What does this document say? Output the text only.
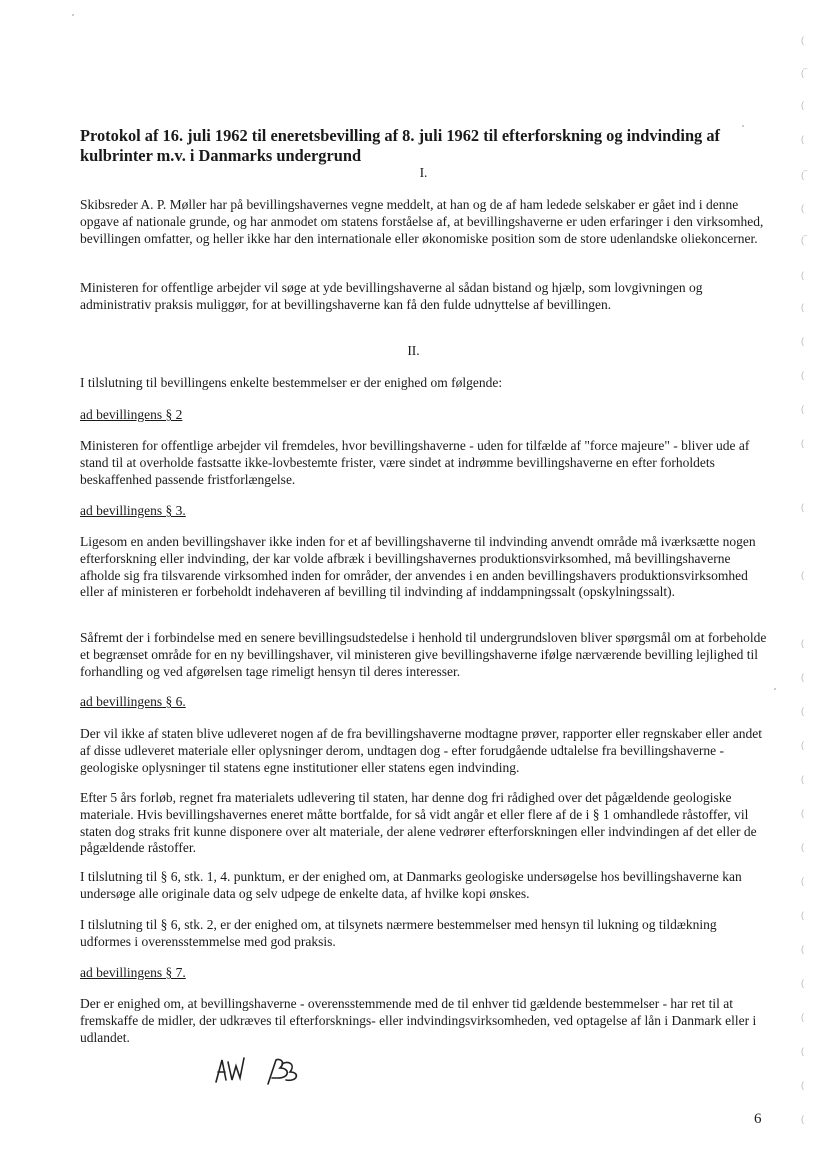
Protokol af 16. juli 1962 til eneretsbevilling af 8. juli 1962 til efterforskning og indvinding af kulbrinter m.v. i Danmarks undergrund
I.

Skibsreder A. P. Møller har på bevillingshavernes vegne meddelt, at han og de af ham ledede selskaber er gået ind i denne opgave af nationale grunde, og har anmodet om statens forståelse af, at bevillingshaverne er uden erfaringer i den virksomhed, bevillingen omfatter, og heller ikke har den internationale eller økonomiske position som de store udenlandske oliekoncerner.

Ministeren for offentlige arbejder vil søge at yde bevillingshaverne al sådan bistand og hjælp, som lovgivningen og administrativ praksis muliggør, for at bevillingshaverne kan få den fulde udnyttelse af bevillingen.

II.

I tilslutning til bevillingens enkelte bestemmelser er der enighed om følgende:

ad bevillingens § 2

Ministeren for offentlige arbejder vil fremdeles, hvor bevillingshaverne - uden for tilfælde af "force majeure" - bliver ude af stand til at overholde fastsatte ikke-lovbestemte frister, være sindet at indrømme bevillingshaverne en efter forholdets beskaffenhed passende fristforlængelse.

ad bevillingens § 3.

Ligesom en anden bevillingshaver ikke inden for et af bevillingshaverne til indvinding anvendt område må iværksætte nogen efterforskning eller indvinding, der kar volde afbræk i bevillingshavernes produktionsvirksomhed, må bevillingshaverne afholde sig fra tilsvarende virksomhed inden for områder, der anvendes i en anden bevillingshavers produktionsvirksomhed eller af ministeren er forbeholdt indehaveren af bevilling til indvinding af inddampningssalt (opskylningssalt).

Såfremt der i forbindelse med en senere bevillingsudstedelse i henhold til undergrundsloven bliver spørgsmål om at forbeholde et begrænset område for en ny bevillingshaver, vil ministeren give bevillingshaverne ifølge nærværende bevilling lejlighed til forhandling og ved afgørelsen tage rimeligt hensyn til deres interesser.

ad bevillingens § 6.

Der vil ikke af staten blive udleveret nogen af de fra bevillingshaverne modtagne prøver, rapporter eller regnskaber eller andet af disse udleveret materiale eller oplysninger derom, undtagen dog - efter forudgående udtalelse fra bevillingshaverne - geologiske oplysninger til statens egne institutioner eller statens egen indvinding.

Efter 5 års forløb, regnet fra materialets udlevering til staten, har denne dog fri rådighed over det pågældende geologiske materiale. Hvis bevillingshavernes eneret måtte bortfalde, for så vidt angår et eller flere af de i § 1 omhandlede råstoffer, vil staten dog straks frit kunne disponere over alt materiale, der alene vedrører efterforskningen eller indvindingen af det eller de pågældende råstoffer.

I tilslutning til § 6, stk. 1, 4. punktum, er der enighed om, at Danmarks geologiske undersøgelse hos bevillingshaverne kan undersøge alle originale data og selv udpege de enkelte data, af hvilke kopi ønskes.

I tilslutning til § 6, stk. 2, er der enighed om, at tilsynets nærmere bestemmelser med hensyn til lukning og tildækning udformes i overensstemmelse med god praksis.

ad bevillingens § 7.

Der er enighed om, at bevillingshaverne - overensstemmende med de til enhver tid gældende bestemmelser - har ret til at fremskaffe de midler, der udkræves til efterforsknings- eller indvindingsvirksomheden, ved optagelse af lån i Danmark eller i udlandet.

6
(
(‾
(
(
(‾
(
(‾
(
(
(
(
(
(
(
(
(
(
(
(
(
(
(
(
(
(
(
(
(
(
(
